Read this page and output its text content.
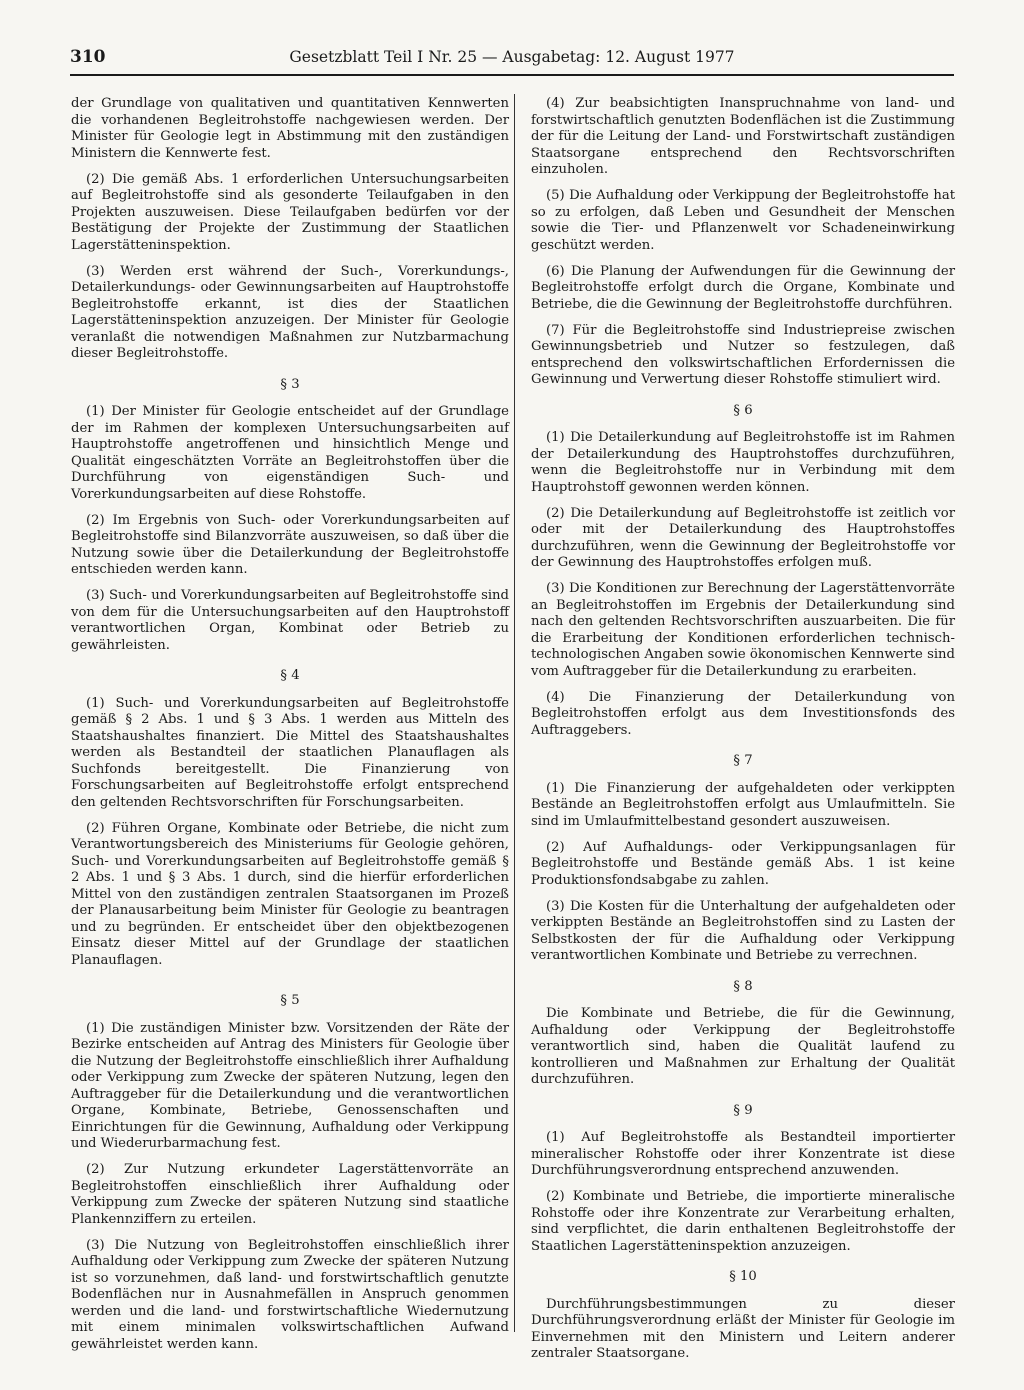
310	Gesetzblatt Teil I Nr. 25 — Ausgabetag: 12. August 1977

der Grundlage von qualitativen und quantitativen Kennwerten die vorhandenen Begleitrohstoffe nachgewiesen werden. Der Minister für Geologie legt in Abstimmung mit den zuständigen Ministern die Kennwerte fest.

(2) Die gemäß Abs. 1 erforderlichen Untersuchungsarbeiten auf Begleitrohstoffe sind als gesonderte Teilaufgaben in den Projekten auszuweisen. Diese Teilaufgaben bedürfen vor der Bestätigung der Projekte der Zustimmung der Staatlichen Lagerstätteninspektion.

(3) Werden erst während der Such-, Vorerkundungs-, Detailerkundungs- oder Gewinnungsarbeiten auf Hauptrohstoffe Begleitrohstoffe erkannt, ist dies der Staatlichen Lagerstätteninspektion anzuzeigen. Der Minister für Geologie veranlaßt die notwendigen Maßnahmen zur Nutzbarmachung dieser Begleitrohstoffe.

§ 3

(1) Der Minister für Geologie entscheidet auf der Grundlage der im Rahmen der komplexen Untersuchungsarbeiten auf Hauptrohstoffe angetroffenen und hinsichtlich Menge und Qualität eingeschätzten Vorräte an Begleitrohstoffen über die Durchführung von eigenständigen Such- und Vorerkundungsarbeiten auf diese Rohstoffe.

(2) Im Ergebnis von Such- oder Vorerkundungsarbeiten auf Begleitrohstoffe sind Bilanzvorräte auszuweisen, so daß über die Nutzung sowie über die Detailerkundung der Begleitrohstoffe entschieden werden kann.

(3) Such- und Vorerkundungsarbeiten auf Begleitrohstoffe sind von dem für die Untersuchungsarbeiten auf den Hauptrohstoff verantwortlichen Organ, Kombinat oder Betrieb zu gewährleisten.

§ 4

(1) Such- und Vorerkundungsarbeiten auf Begleitrohstoffe gemäß § 2 Abs. 1 und § 3 Abs. 1 werden aus Mitteln des Staatshaushaltes finanziert. Die Mittel des Staatshaushaltes werden als Bestandteil der staatlichen Planauflagen als Suchfonds bereitgestellt. Die Finanzierung von Forschungsarbeiten auf Begleitrohstoffe erfolgt entsprechend den geltenden Rechtsvorschriften für Forschungsarbeiten.

(2) Führen Organe, Kombinate oder Betriebe, die nicht zum Verantwortungsbereich des Ministeriums für Geologie gehören, Such- und Vorerkundungsarbeiten auf Begleitrohstoffe gemäß § 2 Abs. 1 und § 3 Abs. 1 durch, sind die hierfür erforderlichen Mittel von den zuständigen zentralen Staatsorganen im Prozeß der Planausarbeitung beim Minister für Geologie zu beantragen und zu begründen. Er entscheidet über den objektbezogenen Einsatz dieser Mittel auf der Grundlage der staatlichen Planauflagen.

§ 5

(1) Die zuständigen Minister bzw. Vorsitzenden der Räte der Bezirke entscheiden auf Antrag des Ministers für Geologie über die Nutzung der Begleitrohstoffe einschließlich ihrer Aufhaldung oder Verkippung zum Zwecke der späteren Nutzung, legen den Auftraggeber für die Detailerkundung und die verantwortlichen Organe, Kombinate, Betriebe, Genossenschaften und Einrichtungen für die Gewinnung, Aufhaldung oder Verkippung und Wiederurbarmachung fest.

(2) Zur Nutzung erkundeter Lagerstättenvorräte an Begleitrohstoffen einschließlich ihrer Aufhaldung oder Verkippung zum Zwecke der späteren Nutzung sind staatliche Plankennziffern zu erteilen.

(3) Die Nutzung von Begleitrohstoffen einschließlich ihrer Aufhaldung oder Verkippung zum Zwecke der späteren Nutzung ist so vorzunehmen, daß land- und forstwirtschaftlich genutzte Bodenflächen nur in Ausnahmefällen in Anspruch genommen werden und die land- und forstwirtschaftliche Wiedernutzung mit einem minimalen volkswirtschaftlichen Aufwand gewährleistet werden kann.

(4) Zur beabsichtigten Inanspruchnahme von land- und forstwirtschaftlich genutzten Bodenflächen ist die Zustimmung der für die Leitung der Land- und Forstwirtschaft zuständigen Staatsorgane entsprechend den Rechtsvorschriften einzuholen.

(5) Die Aufhaldung oder Verkippung der Begleitrohstoffe hat so zu erfolgen, daß Leben und Gesundheit der Menschen sowie die Tier- und Pflanzenwelt vor Schadeneinwirkung geschützt werden.

(6) Die Planung der Aufwendungen für die Gewinnung der Begleitrohstoffe erfolgt durch die Organe, Kombinate und Betriebe, die die Gewinnung der Begleitrohstoffe durchführen.

(7) Für die Begleitrohstoffe sind Industriepreise zwischen Gewinnungsbetrieb und Nutzer so festzulegen, daß entsprechend den volkswirtschaftlichen Erfordernissen die Gewinnung und Verwertung dieser Rohstoffe stimuliert wird.

§ 6

(1) Die Detailerkundung auf Begleitrohstoffe ist im Rahmen der Detailerkundung des Hauptrohstoffes durchzuführen, wenn die Begleitrohstoffe nur in Verbindung mit dem Hauptrohstoff gewonnen werden können.

(2) Die Detailerkundung auf Begleitrohstoffe ist zeitlich vor oder mit der Detailerkundung des Hauptrohstoffes durchzuführen, wenn die Gewinnung der Begleitrohstoffe vor der Gewinnung des Hauptrohstoffes erfolgen muß.

(3) Die Konditionen zur Berechnung der Lagerstättenvorräte an Begleitrohstoffen im Ergebnis der Detailerkundung sind nach den geltenden Rechtsvorschriften auszuarbeiten. Die für die Erarbeitung der Konditionen erforderlichen technisch-technologischen Angaben sowie ökonomischen Kennwerte sind vom Auftraggeber für die Detailerkundung zu erarbeiten.

(4) Die Finanzierung der Detailerkundung von Begleitrohstoffen erfolgt aus dem Investitionsfonds des Auftraggebers.

§ 7

(1) Die Finanzierung der aufgehaldeten oder verkippten Bestände an Begleitrohstoffen erfolgt aus Umlaufmitteln. Sie sind im Umlaufmittelbestand gesondert auszuweisen.

(2) Auf Aufhaldungs- oder Verkippungsanlagen für Begleitrohstoffe und Bestände gemäß Abs. 1 ist keine Produktionsfondsabgabe zu zahlen.

(3) Die Kosten für die Unterhaltung der aufgehaldeten oder verkippten Bestände an Begleitrohstoffen sind zu Lasten der Selbstkosten der für die Aufhaldung oder Verkippung verantwortlichen Kombinate und Betriebe zu verrechnen.

§ 8

Die Kombinate und Betriebe, die für die Gewinnung, Aufhaldung oder Verkippung der Begleitrohstoffe verantwortlich sind, haben die Qualität laufend zu kontrollieren und Maßnahmen zur Erhaltung der Qualität durchzuführen.

§ 9

(1) Auf Begleitrohstoffe als Bestandteil importierter mineralischer Rohstoffe oder ihrer Konzentrate ist diese Durchführungsverordnung entsprechend anzuwenden.

(2) Kombinate und Betriebe, die importierte mineralische Rohstoffe oder ihre Konzentrate zur Verarbeitung erhalten, sind verpflichtet, die darin enthaltenen Begleitrohstoffe der Staatlichen Lagerstätteninspektion anzuzeigen.

§ 10

Durchführungsbestimmungen zu dieser Durchführungsverordnung erläßt der Minister für Geologie im Einvernehmen mit den Ministern und Leitern anderer zentraler Staatsorgane.
